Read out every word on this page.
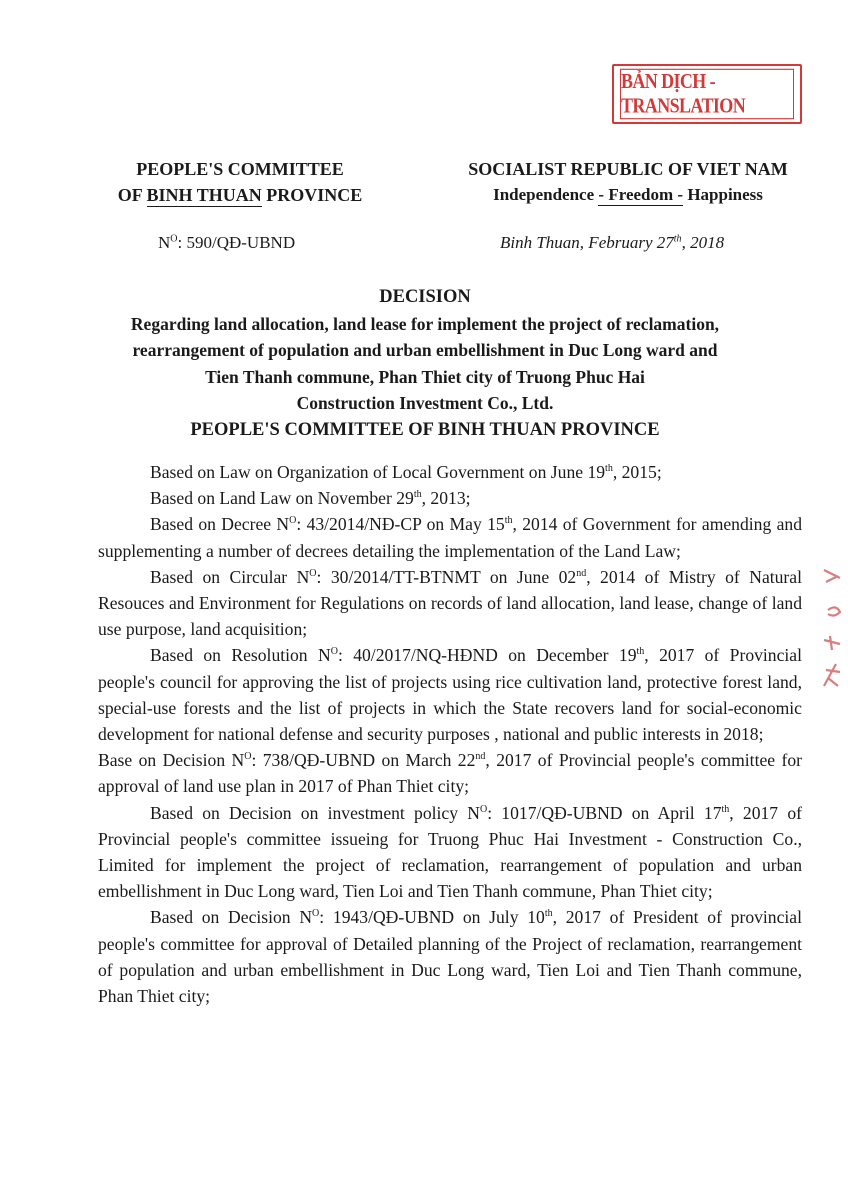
BẢN DỊCH - TRANSLATION
PEOPLE'S COMMITTEE
OF BINH THUAN PROVINCE
SOCIALIST REPUBLIC OF VIET NAM
Independence - Freedom - Happiness
$N^O$: 590/QĐ-UBND	Binh Thuan, February 27th, 2018
DECISION
Regarding land allocation, land lease for implement the project of reclamation,
rearrangement of population and urban embellishment in Duc Long ward and
Tien Thanh commune, Phan Thiet city of Truong Phuc Hai
Construction Investment Co., Ltd.
PEOPLE'S COMMITTEE OF BINH THUAN PROVINCE

Based on Law on Organization of Local Government on June 19th, 2015;

Based on Land Law on November 29th, 2013;

Based on Decree $N^O$: 43/2014/NĐ-CP on May 15th, 2014 of Government for amending and supplementing a number of decrees detailing the implementation of the Land Law;

Based on Circular $N^O$: 30/2014/TT-BTNMT on June 02nd, 2014 of Mistry of Natural Resouces and Environment for Regulations on records of land allocation, land lease, change of land use purpose, land acquisition;

Based on Resolution $N^O$: 40/2017/NQ-HĐND on December 19th, 2017 of Provincial people's council for approving the list of projects using rice cultivation land, protective forest land, special-use forests and the list of projects in which the State recovers land for social-economic development for national defense and security purposes , national and public interests in 2018;

Base on Decision $N^O$: 738/QĐ-UBND on March 22nd, 2017 of Provincial people's committee for approval of land use plan in 2017 of Phan Thiet city;

Based on Decision on investment policy $N^O$: 1017/QĐ-UBND on April 17th, 2017 of Provincial people's committee issueing for Truong Phuc Hai Investment - Construction Co., Limited for implement the project of reclamation, rearrangement of population and urban embellishment in Duc Long ward, Tien Loi and Tien Thanh commune, Phan Thiet city;

Based on Decision $N^O$: 1943/QĐ-UBND on July 10th, 2017 of President of provincial people's committee for approval of Detailed planning of the Project of reclamation, rearrangement of population and urban embellishment in Duc Long ward, Tien Loi and Tien Thanh commune, Phan Thiet city;
